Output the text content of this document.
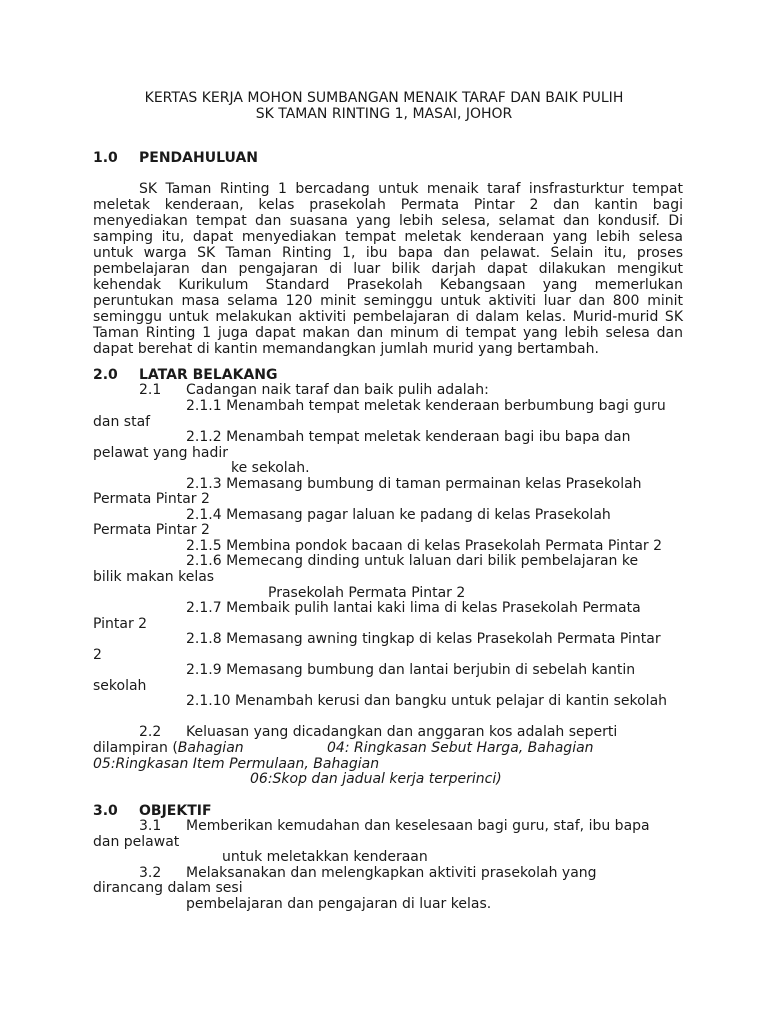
KERTAS KERJA MOHON SUMBANGAN MENAIK TARAF DAN BAIK PULIH
SK TAMAN RINTING 1, MASAI, JOHOR
1.0 PENDAHULUAN
SK Taman Rinting 1 bercadang untuk menaik taraf insfrasturktur tempat meletak kenderaan, kelas prasekolah Permata Pintar 2 dan kantin bagi menyediakan tempat dan suasana yang lebih selesa, selamat dan kondusif. Di samping itu, dapat menyediakan tempat meletak kenderaan yang lebih selesa untuk warga SK Taman Rinting 1, ibu bapa dan pelawat. Selain itu, proses pembelajaran dan pengajaran di luar bilik darjah dapat dilakukan mengikut kehendak Kurikulum Standard Prasekolah Kebangsaan yang memerlukan peruntukan masa selama 120 minit seminggu untuk aktiviti luar dan 800 minit seminggu untuk melakukan aktiviti pembelajaran di dalam kelas. Murid-murid SK Taman Rinting 1 juga dapat makan dan minum di tempat yang lebih selesa dan dapat berehat di kantin memandangkan jumlah murid yang bertambah.
2.0 LATAR BELAKANG
2.1 Cadangan naik taraf dan baik pulih adalah:
2.1.1 Menambah tempat meletak kenderaan berbumbung bagi guru
dan staf
2.1.2 Menambah tempat meletak kenderaan bagi ibu bapa dan
pelawat yang hadir
ke sekolah.
2.1.3 Memasang bumbung di taman permainan kelas Prasekolah
Permata Pintar 2
2.1.4 Memasang pagar laluan ke padang di kelas Prasekolah
Permata Pintar 2
2.1.5 Membina pondok bacaan di kelas Prasekolah Permata Pintar 2
2.1.6 Memecang dinding untuk laluan dari bilik pembelajaran ke
bilik makan kelas
Prasekolah Permata Pintar 2
2.1.7 Membaik pulih lantai kaki lima di kelas Prasekolah Permata
Pintar 2
2.1.8 Memasang awning tingkap di kelas Prasekolah Permata Pintar
2
2.1.9 Memasang bumbung dan lantai berjubin di sebelah kantin
sekolah
2.1.10 Menambah kerusi dan bangku untuk pelajar di kantin sekolah
2.2 Keluasan yang dicadangkan dan anggaran kos adalah seperti
dilampiran (Bahagian	04: Ringkasan Sebut Harga, Bahagian
05:Ringkasan Item Permulaan, Bahagian
06:Skop dan jadual kerja terperinci)
3.0 OBJEKTIF
3.1 Memberikan kemudahan dan keselesaan bagi guru, staf, ibu bapa
dan pelawat
untuk meletakkan kenderaan
3.2 Melaksanakan dan melengkapkan aktiviti prasekolah yang
dirancang dalam sesi
pembelajaran dan pengajaran di luar kelas.
